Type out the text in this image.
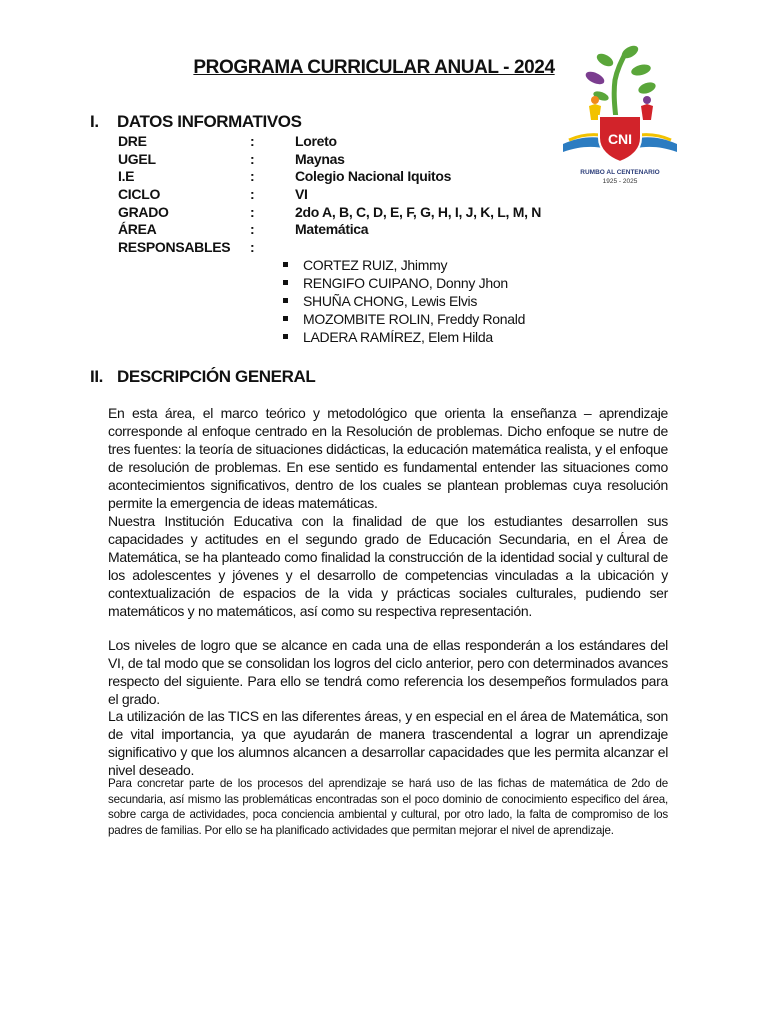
PROGRAMA CURRICULAR ANUAL - 2024
CNI
RUMBO AL CENTENARIO
1925 - 2025
I. DATOS INFORMATIVOS
DRE	:	Loreto
UGEL	:	Maynas
I.E	:	Colegio Nacional Iquitos
CICLO	:	VI
GRADO	:	2do A, B, C, D, E, F, G, H, I, J, K, L, M, N
ÁREA	:	Matemática
RESPONSABLES :
CORTEZ RUIZ, Jhimmy
RENGIFO CUIPANO, Donny Jhon
SHUÑA CHONG, Lewis Elvis
MOZOMBITE ROLIN, Freddy Ronald
LADERA RAMÍREZ, Elem Hilda
II. DESCRIPCIÓN GENERAL

En esta área, el marco teórico y metodológico que orienta la enseñanza – aprendizaje corresponde al enfoque centrado en la Resolución de problemas. Dicho enfoque se nutre de tres fuentes: la teoría de situaciones didácticas, la educación matemática realista, y el enfoque de resolución de problemas. En ese sentido es fundamental entender las situaciones como acontecimientos significativos, dentro de los cuales se plantean problemas cuya resolución permite la emergencia de ideas matemáticas.

Nuestra Institución Educativa con la finalidad de que los estudiantes desarrollen sus capacidades y actitudes en el segundo grado de Educación Secundaria, en el Área de Matemática, se ha planteado como finalidad la construcción de la identidad social y cultural de los adolescentes y jóvenes y el desarrollo de competencias vinculadas a la ubicación y contextualización de espacios de la vida y prácticas sociales culturales, pudiendo ser matemáticos y no matemáticos, así como su respectiva representación.

Los niveles de logro que se alcance en cada una de ellas responderán a los estándares del VI, de tal modo que se consolidan los logros del ciclo anterior, pero con determinados avances respecto del siguiente. Para ello se tendrá como referencia los desempeños formulados para el grado.

La utilización de las TICS en las diferentes áreas, y en especial en el área de Matemática, son de vital importancia, ya que ayudarán de manera trascendental a lograr un aprendizaje significativo y que los alumnos alcancen a desarrollar capacidades que les permita alcanzar el nivel deseado.

Para concretar parte de los procesos del aprendizaje se hará uso de las fichas de matemática de 2do de secundaria, así mismo las problemáticas encontradas son el poco dominio de conocimiento especifico del área, sobre carga de actividades, poca conciencia ambiental y cultural, por otro lado, la falta de compromiso de los padres de familias. Por ello se ha planificado actividades que permitan mejorar el nivel de aprendizaje.
